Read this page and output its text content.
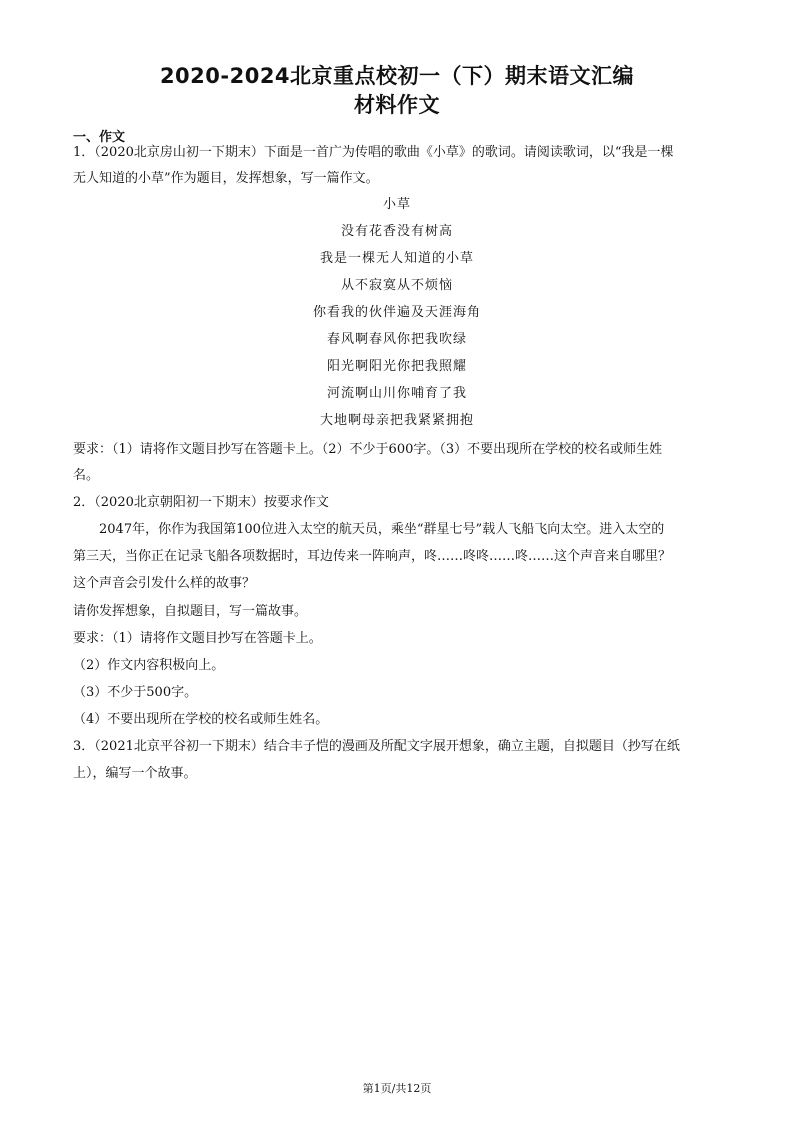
2020-2024北京重点校初一（下）期末语文汇编
材料作文
一、作文
1．（2020北京房山初一下期末）下面是一首广为传唱的歌曲《小草》的歌词。请阅读歌词，以“我是一棵
无人知道的小草”作为题目，发挥想象，写一篇作文。
小草
没有花香没有树高
我是一棵无人知道的小草
从不寂寞从不烦恼
你看我的伙伴遍及天涯海角
春风啊春风你把我吹绿
阳光啊阳光你把我照耀
河流啊山川你哺育了我
大地啊母亲把我紧紧拥抱
要求：（1）请将作文题目抄写在答题卡上。（2）不少于600字。（3）不要出现所在学校的校名或师生姓
名。
2．（2020北京朝阳初一下期末）按要求作文
2047年，你作为我国第100位进入太空的航天员，乘坐“群星七号”载人飞船飞向太空。进入太空的
第三天，当你正在记录飞船各项数据时，耳边传来一阵响声，咚……咚咚……咚……这个声音来自哪里？
这个声音会引发什么样的故事？
请你发挥想象，自拟题目，写一篇故事。
要求：（1）请将作文题目抄写在答题卡上。
（2）作文内容积极向上。
（3）不少于500字。
（4）不要出现所在学校的校名或师生姓名。
3．（2021北京平谷初一下期末）结合丰子恺的漫画及所配文字展开想象，确立主题，自拟题目（抄写在纸
上），编写一个故事。
第1页/共12页
